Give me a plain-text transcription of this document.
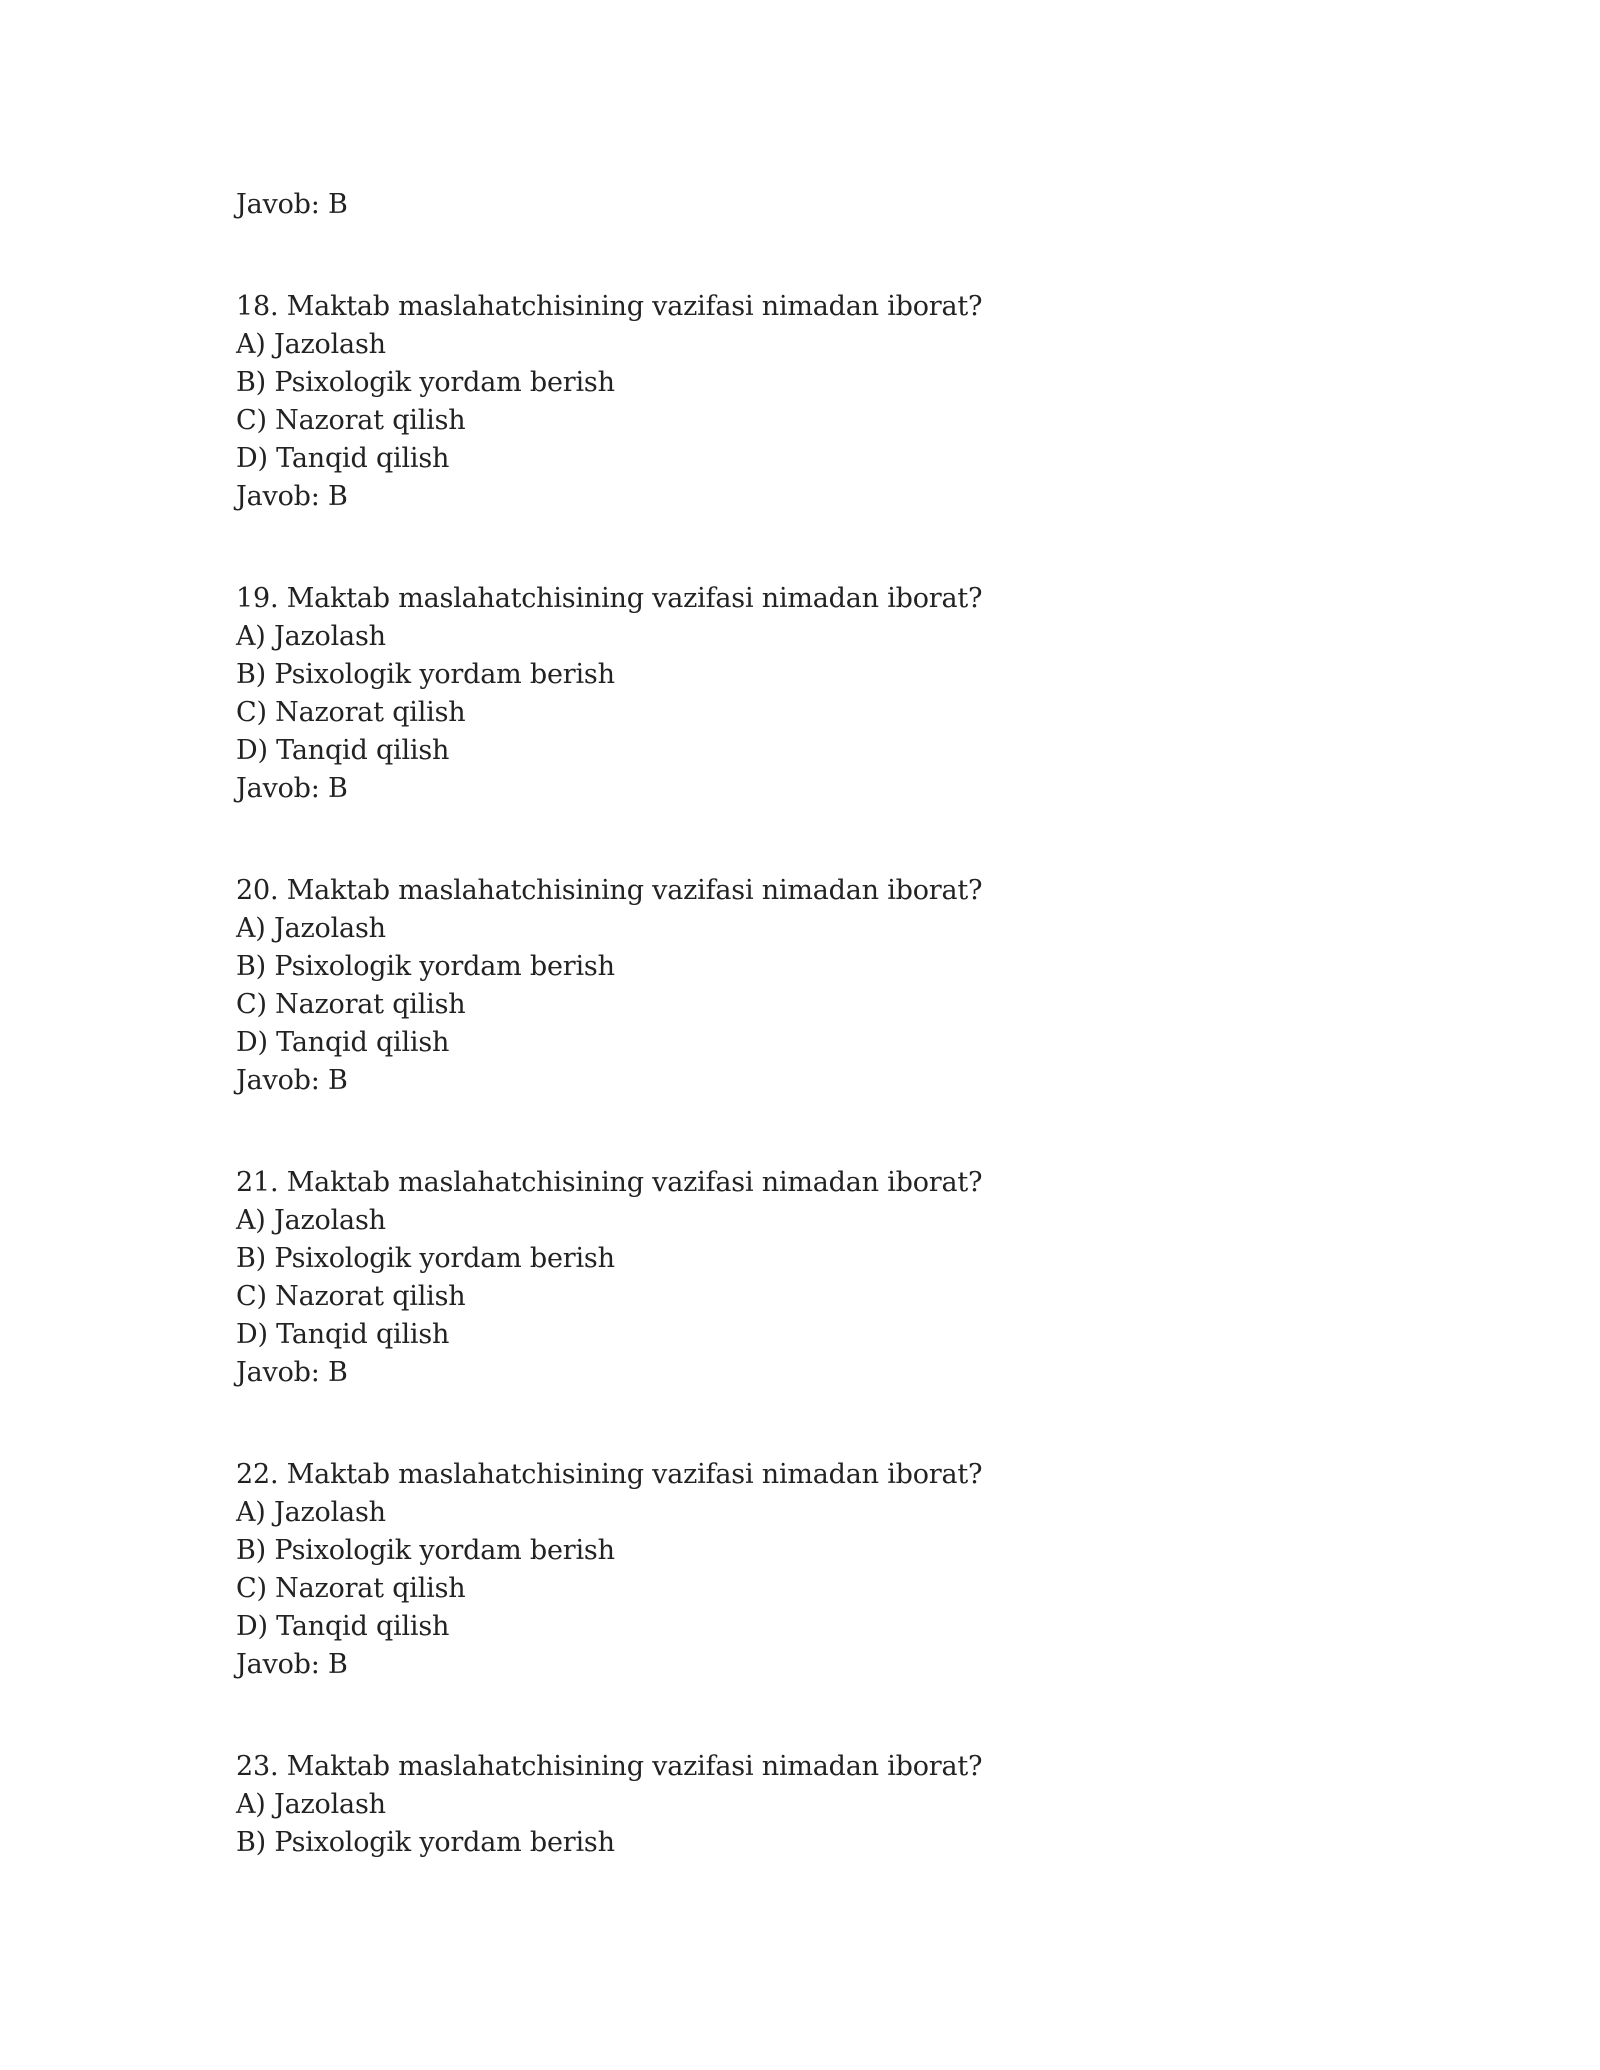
Javob: B
18. Maktab maslahatchisining vazifasi nimadan iborat?
A) Jazolash
B) Psixologik yordam berish
C) Nazorat qilish
D) Tanqid qilish
Javob: B
19. Maktab maslahatchisining vazifasi nimadan iborat?
A) Jazolash
B) Psixologik yordam berish
C) Nazorat qilish
D) Tanqid qilish
Javob: B
20. Maktab maslahatchisining vazifasi nimadan iborat?
A) Jazolash
B) Psixologik yordam berish
C) Nazorat qilish
D) Tanqid qilish
Javob: B
21. Maktab maslahatchisining vazifasi nimadan iborat?
A) Jazolash
B) Psixologik yordam berish
C) Nazorat qilish
D) Tanqid qilish
Javob: B
22. Maktab maslahatchisining vazifasi nimadan iborat?
A) Jazolash
B) Psixologik yordam berish
C) Nazorat qilish
D) Tanqid qilish
Javob: B
23. Maktab maslahatchisining vazifasi nimadan iborat?
A) Jazolash
B) Psixologik yordam berish
